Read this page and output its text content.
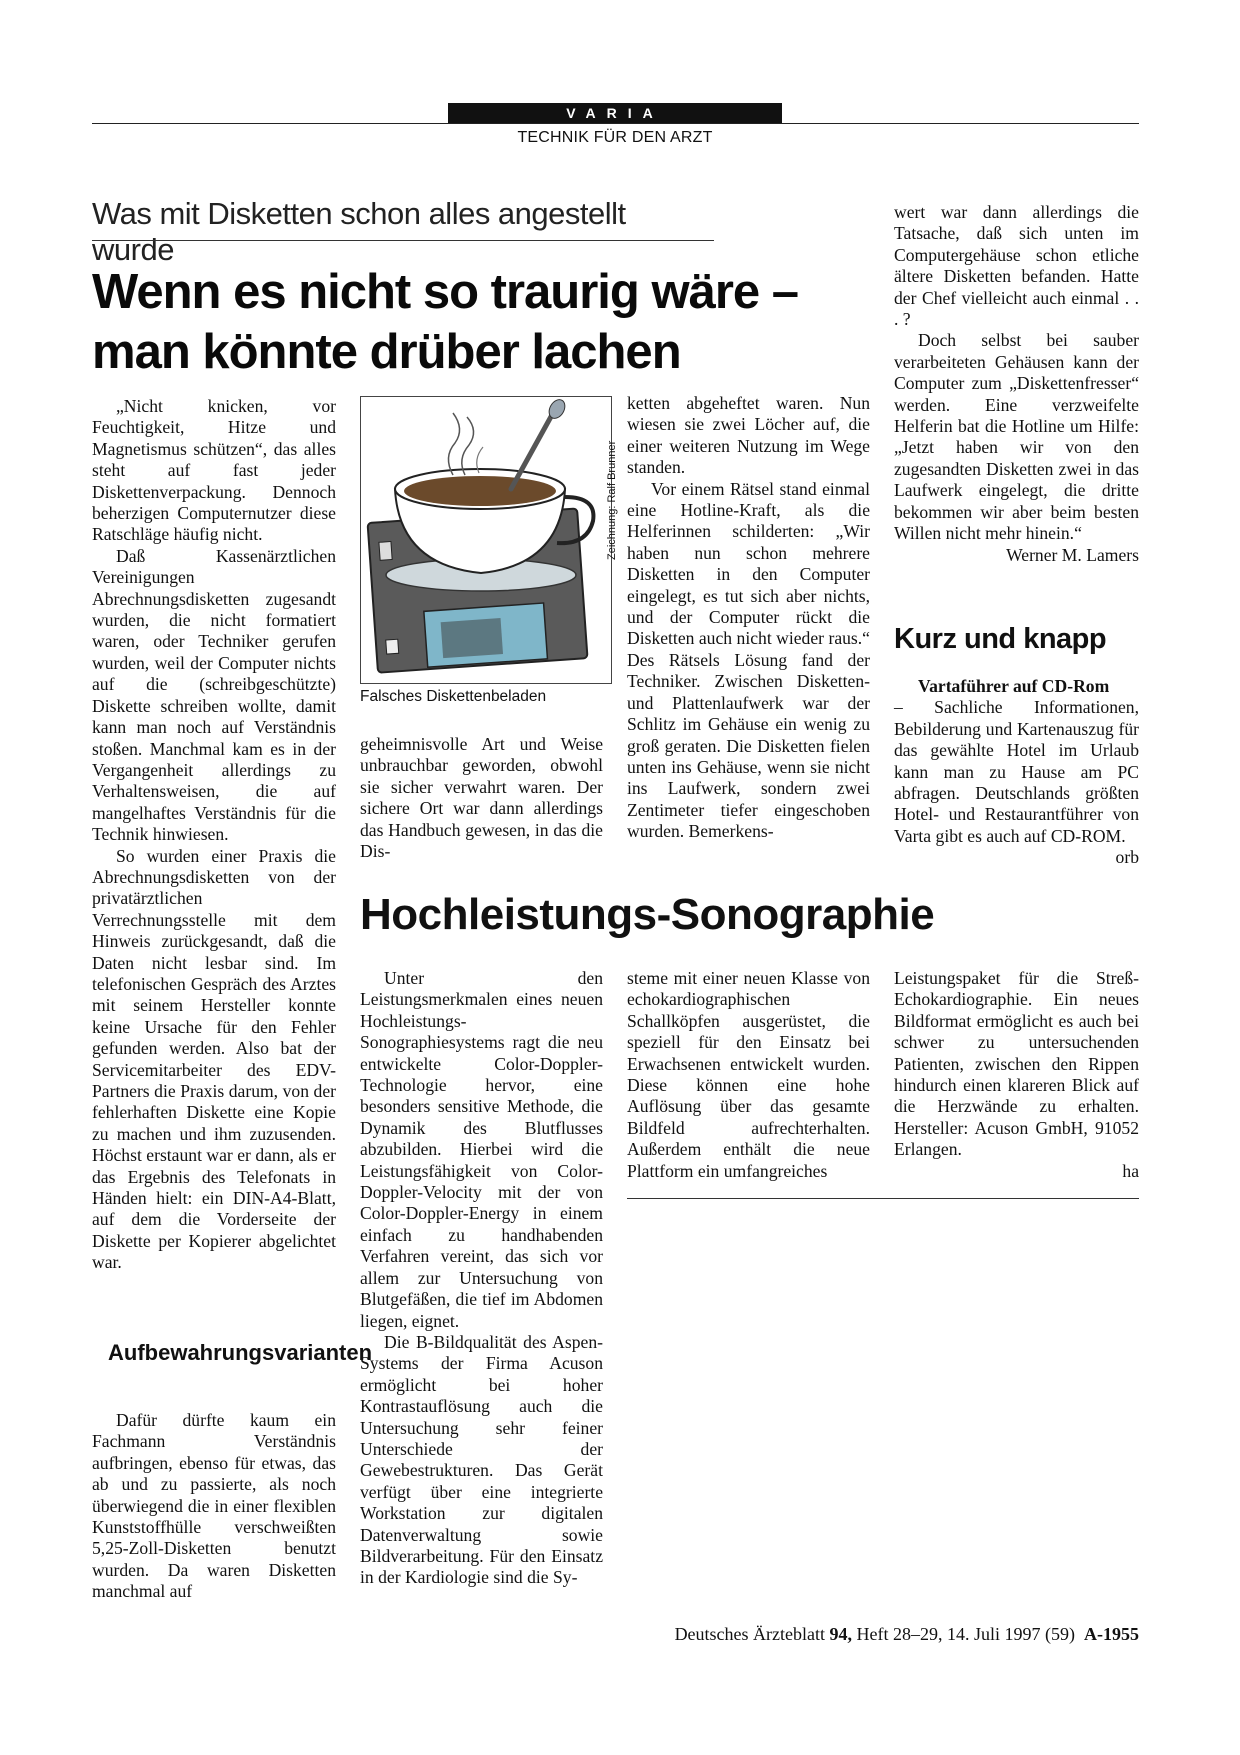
VARIA
TECHNIK FÜR DEN ARZT
Was mit Disketten schon alles angestellt wurde
Wenn es nicht so traurig wäre –
man könnte drüber lachen

„Nicht knicken, vor Feuchtigkeit, Hitze und Magnetismus schützen“, das alles steht auf fast jeder Diskettenverpackung. Dennoch beherzigen Computernutzer diese Ratschläge häufig nicht.

Daß Kassenärztlichen Vereinigungen Abrechnungsdisketten zugesandt wurden, die nicht formatiert waren, oder Techniker gerufen wurden, weil der Computer nichts auf die (schreibgeschützte) Diskette schreiben wollte, damit kann man noch auf Verständnis stoßen. Manchmal kam es in der Vergangenheit allerdings zu Verhaltensweisen, die auf mangelhaftes Verständnis für die Technik hinwiesen.

So wurden einer Praxis die Abrechnungsdisketten von der privatärztlichen Verrechnungsstelle mit dem Hinweis zurückgesandt, daß die Daten nicht lesbar sind. Im telefonischen Gespräch des Arztes mit seinem Hersteller konnte keine Ursache für den Fehler gefunden werden. Also bat der Servicemitarbeiter des EDV-Partners die Praxis darum, von der fehlerhaften Diskette eine Kopie zu machen und ihm zuzusenden. Höchst erstaunt war er dann, als er das Ergebnis des Telefonats in Händen hielt: ein DIN-A4-Blatt, auf dem die Vorderseite der Diskette per Kopierer abgelichtet war.

Aufbewahrungsvarianten

Dafür dürfte kaum ein Fachmann Verständnis aufbringen, ebenso für etwas, das ab und zu passierte, als noch überwiegend die in einer flexiblen Kunststoffhülle verschweißten 5,25-Zoll-Disketten benutzt wurden. Da waren Disketten manchmal auf

Falsches Diskettenbeladen
Zeichnung: Ralf Brunner

geheimnisvolle Art und Weise unbrauchbar geworden, obwohl sie sicher verwahrt waren. Der sichere Ort war dann allerdings das Handbuch gewesen, in das die Dis-

ketten abgeheftet waren. Nun wiesen sie zwei Löcher auf, die einer weiteren Nutzung im Wege standen.

Vor einem Rätsel stand einmal eine Hotline-Kraft, als die Helferinnen schilderten: „Wir haben nun schon mehrere Disketten in den Computer eingelegt, es tut sich aber nichts, und der Computer rückt die Disketten auch nicht wieder raus.“ Des Rätsels Lösung fand der Techniker. Zwischen Disketten- und Plattenlaufwerk war der Schlitz im Gehäuse ein wenig zu groß geraten. Die Disketten fielen unten ins Gehäuse, wenn sie nicht ins Laufwerk, sondern zwei Zentimeter tiefer eingeschoben wurden. Bemerkens-

wert war dann allerdings die Tatsache, daß sich unten im Computergehäuse schon etliche ältere Disketten befanden. Hatte der Chef vielleicht auch einmal . . . ?

Doch selbst bei sauber verarbeiteten Gehäusen kann der Computer zum „Diskettenfresser“ werden. Eine verzweifelte Helferin bat die Hotline um Hilfe: „Jetzt haben wir von den zugesandten Disketten zwei in das Laufwerk eingelegt, die dritte bekommen wir aber beim besten Willen nicht mehr hinein.“

Werner M. Lamers
Kurz und knapp

Vartaführer auf CD-Rom

– Sachliche Informationen, Bebilderung und Kartenauszug für das gewählte Hotel im Urlaub kann man zu Hause am PC abfragen. Deutschlands größten Hotel- und Restaurantführer von Varta gibt es auch auf CD-ROM.

orb
Hochleistungs-Sonographie

Unter den Leistungsmerkmalen eines neuen Hochleistungs-Sonographiesystems ragt die neu entwickelte Color-Doppler-Technologie hervor, eine besonders sensitive Methode, die Dynamik des Blutflusses abzubilden. Hierbei wird die Leistungsfähigkeit von Color-Doppler-Velocity mit der von Color-Doppler-Energy in einem einfach zu handhabenden Verfahren vereint, das sich vor allem zur Untersuchung von Blutgefäßen, die tief im Abdomen liegen, eignet.

Die B-Bildqualität des Aspen-Systems der Firma Acuson ermöglicht bei hoher Kontrastauflösung auch die Untersuchung sehr feiner Unterschiede der Gewebestrukturen. Das Gerät verfügt über eine integrierte Workstation zur digitalen Datenverwaltung sowie Bildverarbeitung. Für den Einsatz in der Kardiologie sind die Sy-

steme mit einer neuen Klasse von echokardiographischen Schallköpfen ausgerüstet, die speziell für den Einsatz bei Erwachsenen entwickelt wurden. Diese können eine hohe Auflösung über das gesamte Bildfeld aufrechterhalten. Außerdem enthält die neue Plattform ein umfangreiches

Leistungspaket für die Streß-Echokardiographie. Ein neues Bildformat ermöglicht es auch bei schwer zu untersuchenden Patienten, zwischen den Rippen hindurch einen klareren Blick auf die Herzwände zu erhalten. Hersteller: Acuson GmbH, 91052 Erlangen.

ha
Deutsches Ärzteblatt 94, Heft 28–29, 14. Juli 1997 (59) A-1955
